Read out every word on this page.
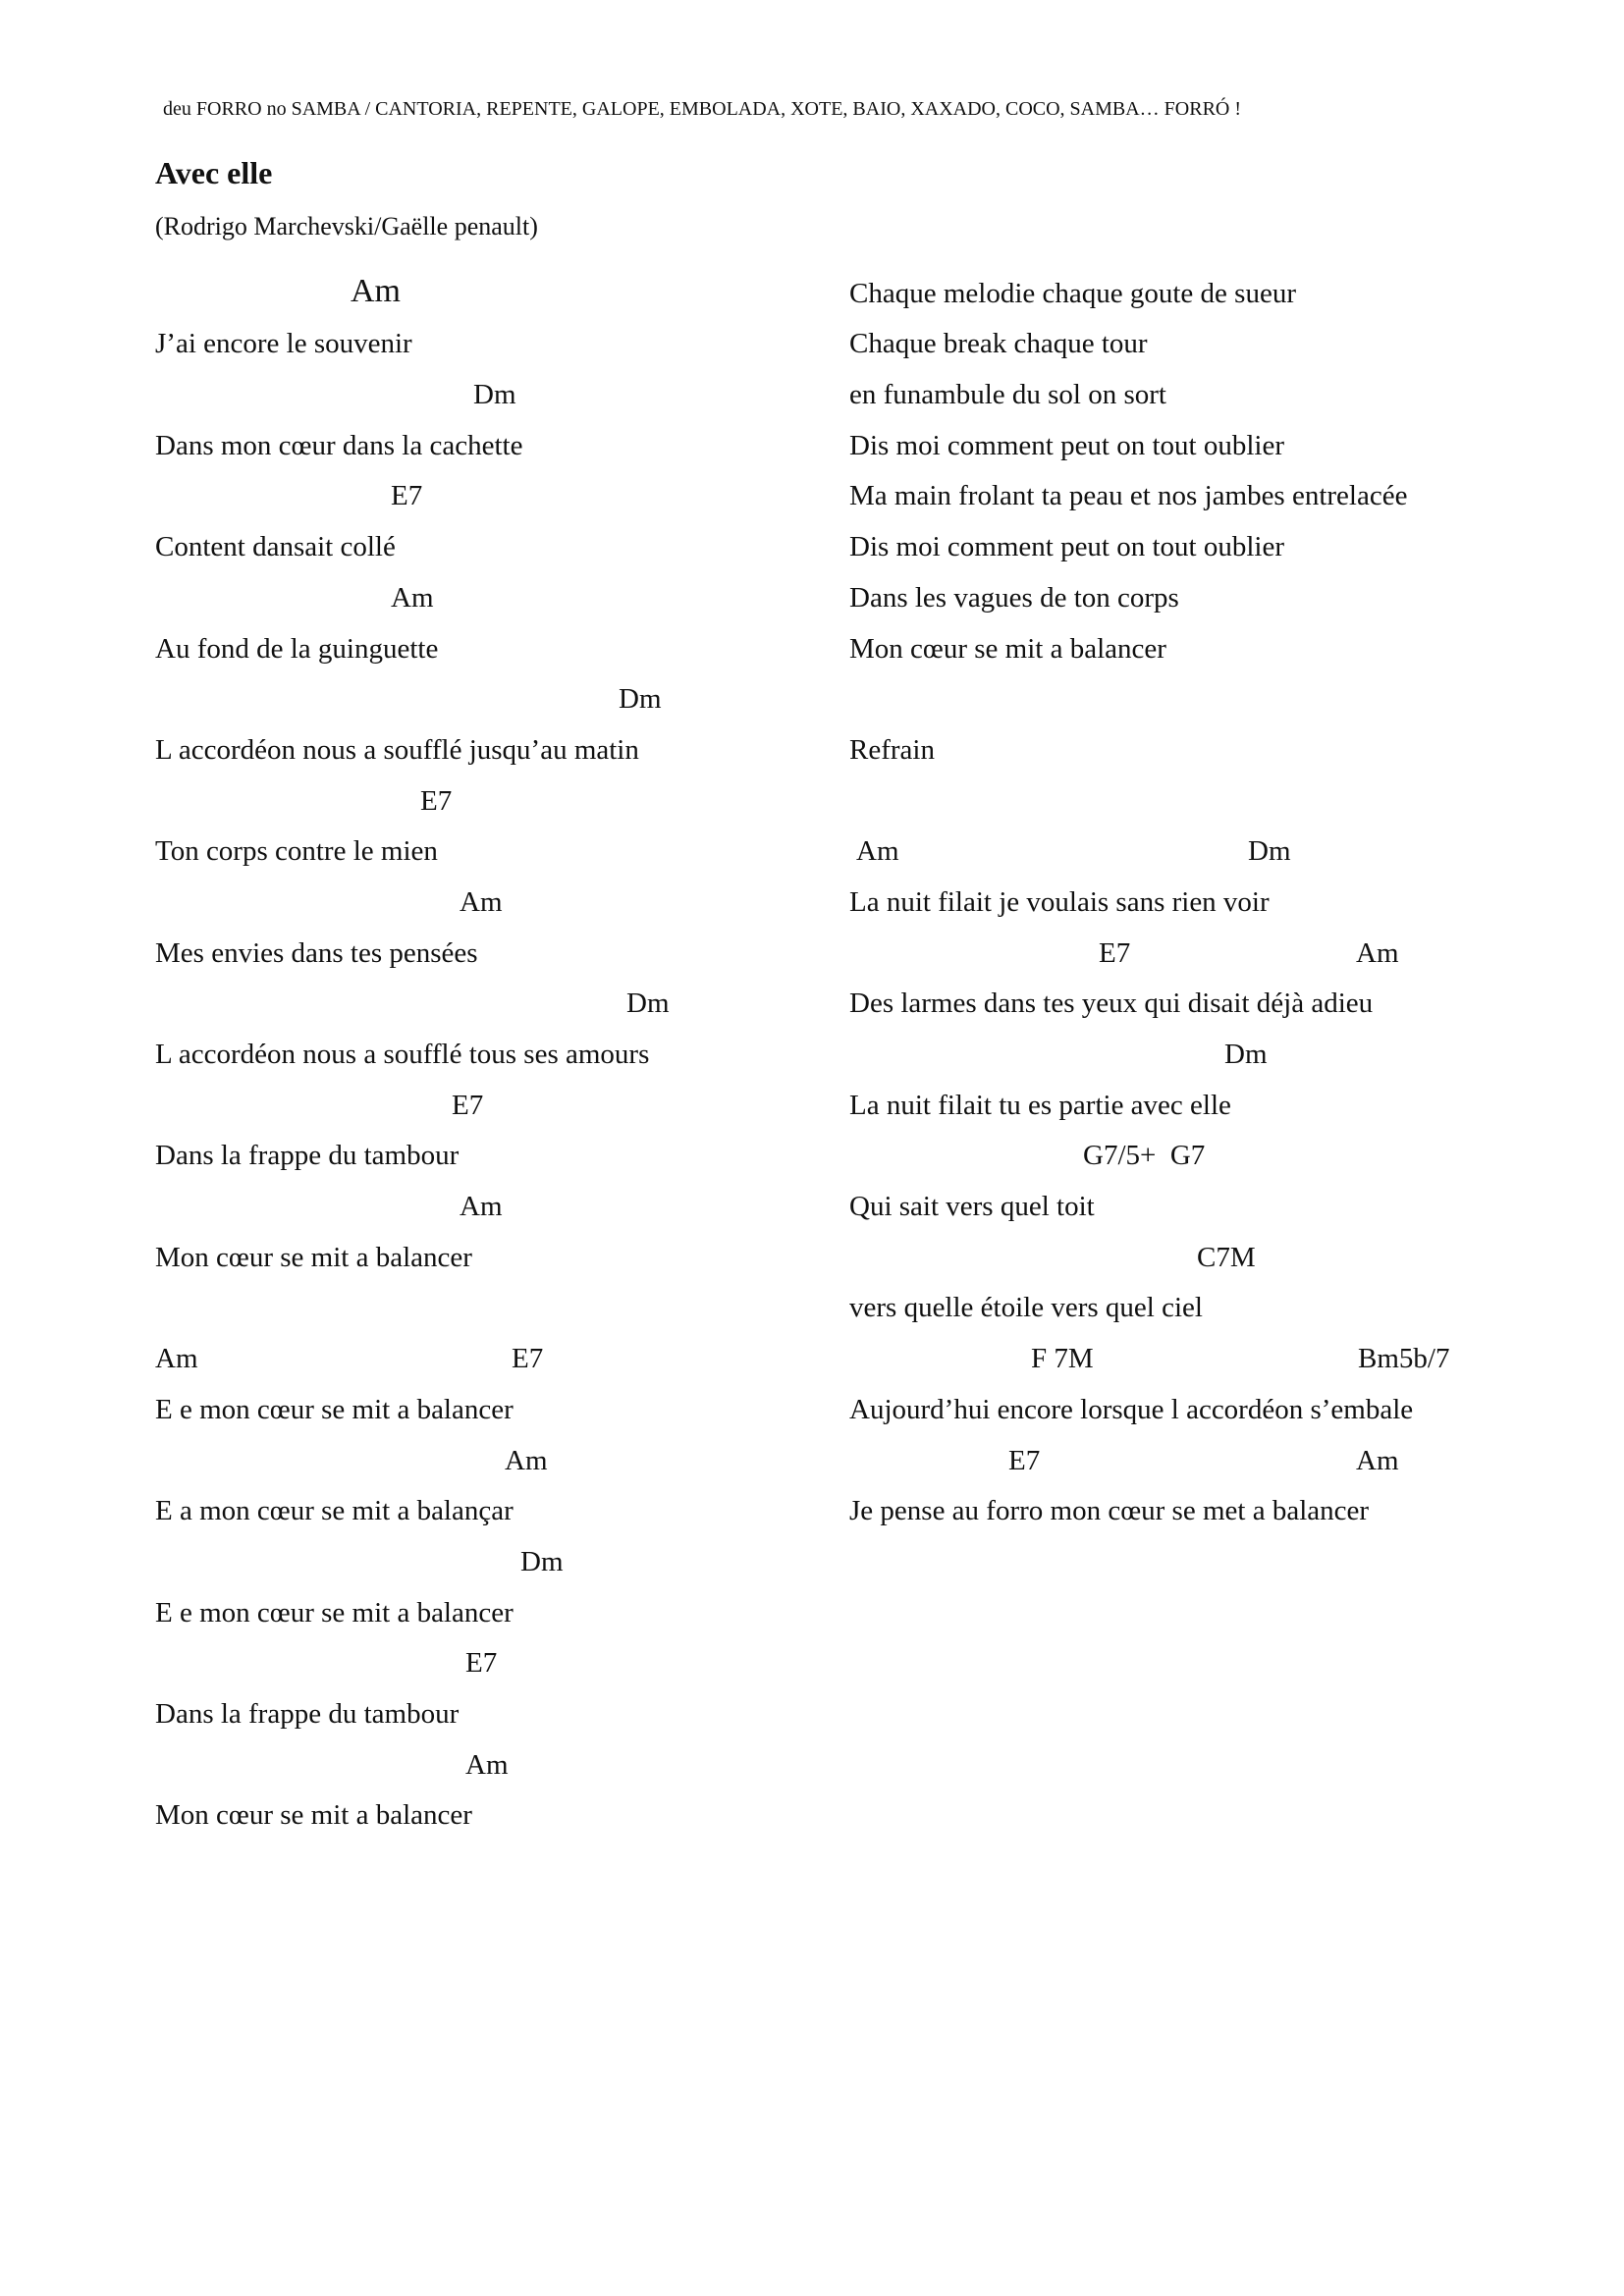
deu FORRO no SAMBA / CANTORIA, REPENTE, GALOPE, EMBOLADA, XOTE, BAIO, XAXADO, COCO, SAMBA… FORRÓ !
Avec elle
(Rodrigo Marchevski/Gaëlle penault)
Am
J’ai encore le souvenir
Dm
Dans mon cœur dans la cachette
E7
Content dansait collé
Am
Au fond de la guinguette
Dm
L accordéon nous a soufflé jusqu’au matin
E7
Ton corps contre le mien
Am
Mes envies dans tes pensées
Dm
L accordéon nous a soufflé tous ses amours
E7
Dans la frappe du tambour
Am
Mon cœur se mit a balancer
Am	E7
E e mon cœur se mit a balancer
Am
E a mon cœur se mit a balançar
Dm
E e mon cœur se mit a balancer
E7
Dans la frappe du tambour
Am
Mon cœur se mit a balancer
Chaque melodie chaque goute de sueur
Chaque break chaque tour
en funambule du sol on sort
Dis moi comment peut on tout oublier
Ma main frolant ta peau et nos jambes entrelacée
Dis moi comment peut on tout oublier
Dans les vagues de ton corps
Mon cœur se mit a balancer
Refrain
Am	Dm
La nuit filait je voulais sans rien voir
E7	Am
Des larmes dans tes yeux qui disait déjà adieu
Dm
La nuit filait tu es partie avec elle
G7/5+  G7
Qui sait vers quel toit
C7M
vers quelle étoile vers quel ciel
F 7M	Bm5b/7
Aujourd’hui encore lorsque l accordéon s’embale
E7	Am
Je pense au forro mon cœur se met a balancer
